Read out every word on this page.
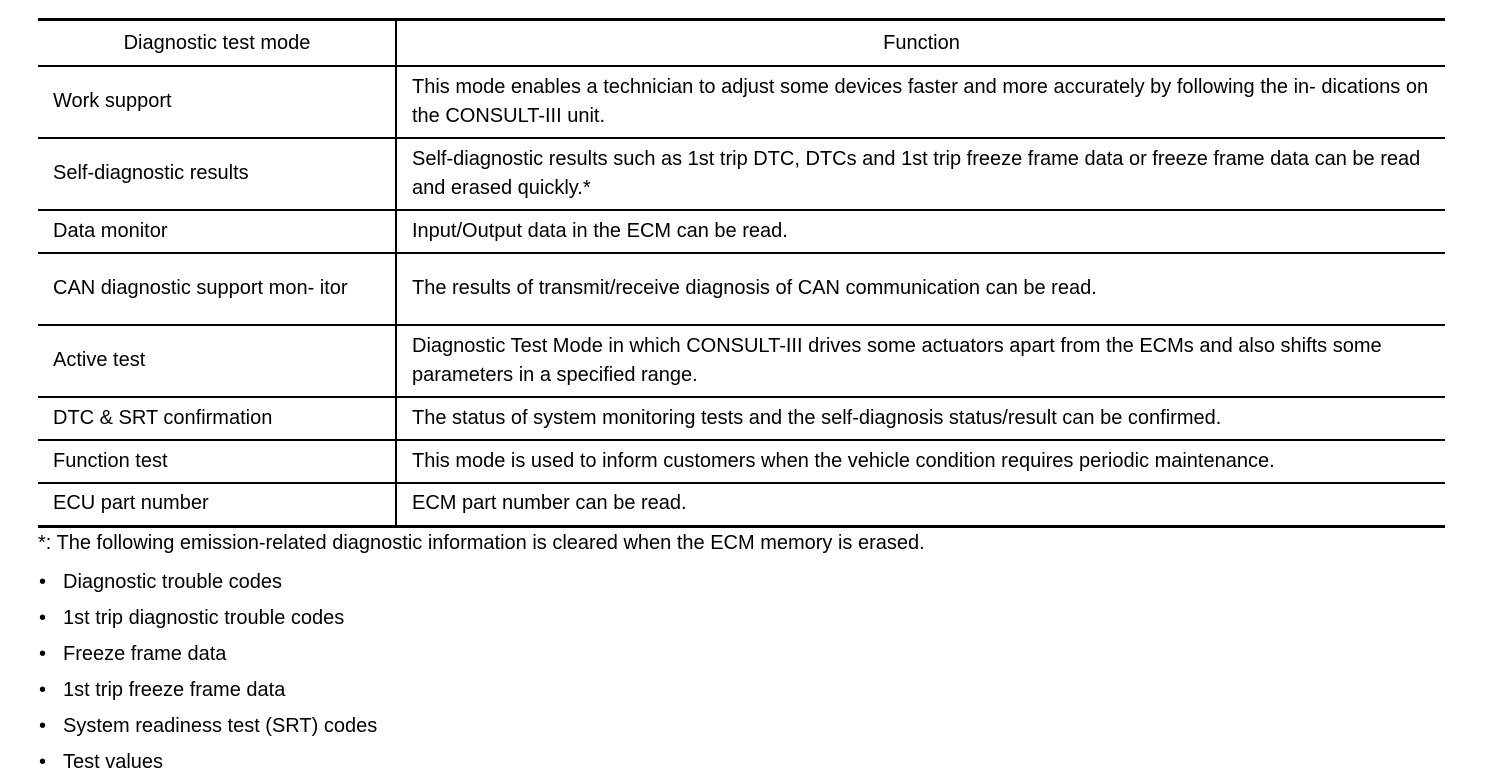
Diagnostic test mode	Function
Work support	This mode enables a technician to adjust some devices faster and more accurately by following the in- dications on the CONSULT-III unit.
Self-diagnostic results	Self-diagnostic results such as 1st trip DTC, DTCs and 1st trip freeze frame data or freeze frame data can be read and erased quickly.*
Data monitor	Input/Output data in the ECM can be read.
CAN diagnostic support mon- itor	The results of transmit/receive diagnosis of CAN communication can be read.
Active test	Diagnostic Test Mode in which CONSULT-III drives some actuators apart from the ECMs and also shifts some parameters in a specified range.
DTC & SRT confirmation	The status of system monitoring tests and the self-diagnosis status/result can be confirmed.
Function test	This mode is used to inform customers when the vehicle condition requires periodic maintenance.
ECU part number	ECM part number can be read.
*: The following emission-related diagnostic information is cleared when the ECM memory is erased.
• Diagnostic trouble codes
• 1st trip diagnostic trouble codes
• Freeze frame data
• 1st trip freeze frame data
• System readiness test (SRT) codes
• Test values
